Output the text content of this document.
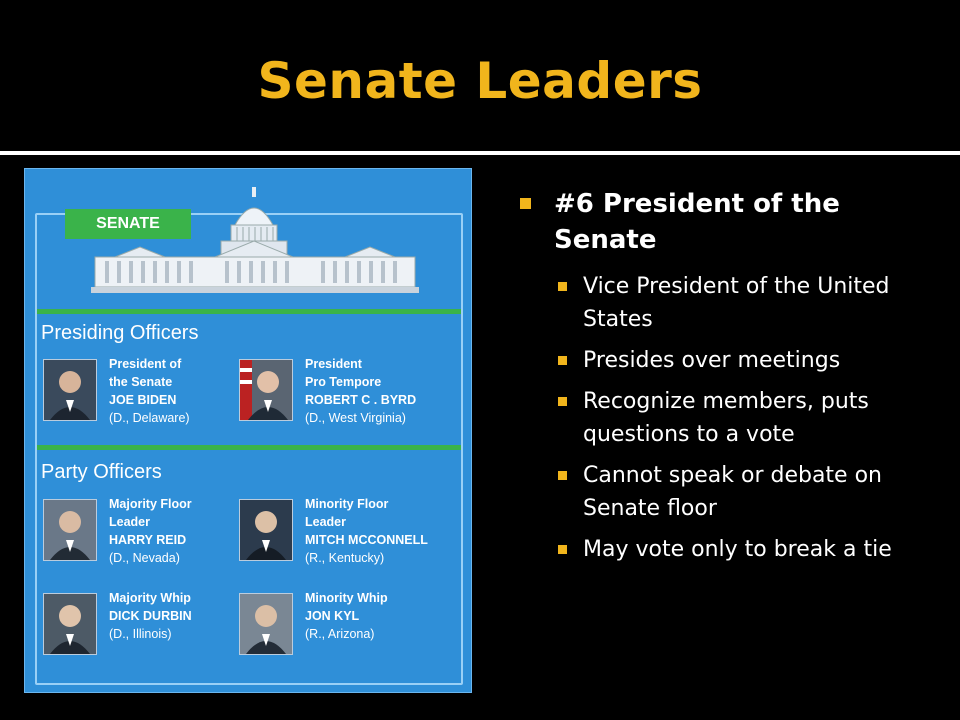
Senate Leaders
SENATE
Presiding Officers
President of
the Senate
JOE BIDEN
(D., Delaware)
President
Pro Tempore
ROBERT C . BYRD
(D., West Virginia)
Party Officers
Majority Floor
Leader
HARRY REID
(D., Nevada)
Minority Floor
Leader
MITCH MCCONNELL
(R., Kentucky)
Majority Whip
DICK DURBIN
(D., Illinois)
Minority Whip
JON KYL
(R., Arizona)
#6 President of the Senate
Vice President of the United States
Presides over meetings
Recognize members, puts questions to a vote
Cannot speak or debate on Senate floor
May vote only to break a tie
